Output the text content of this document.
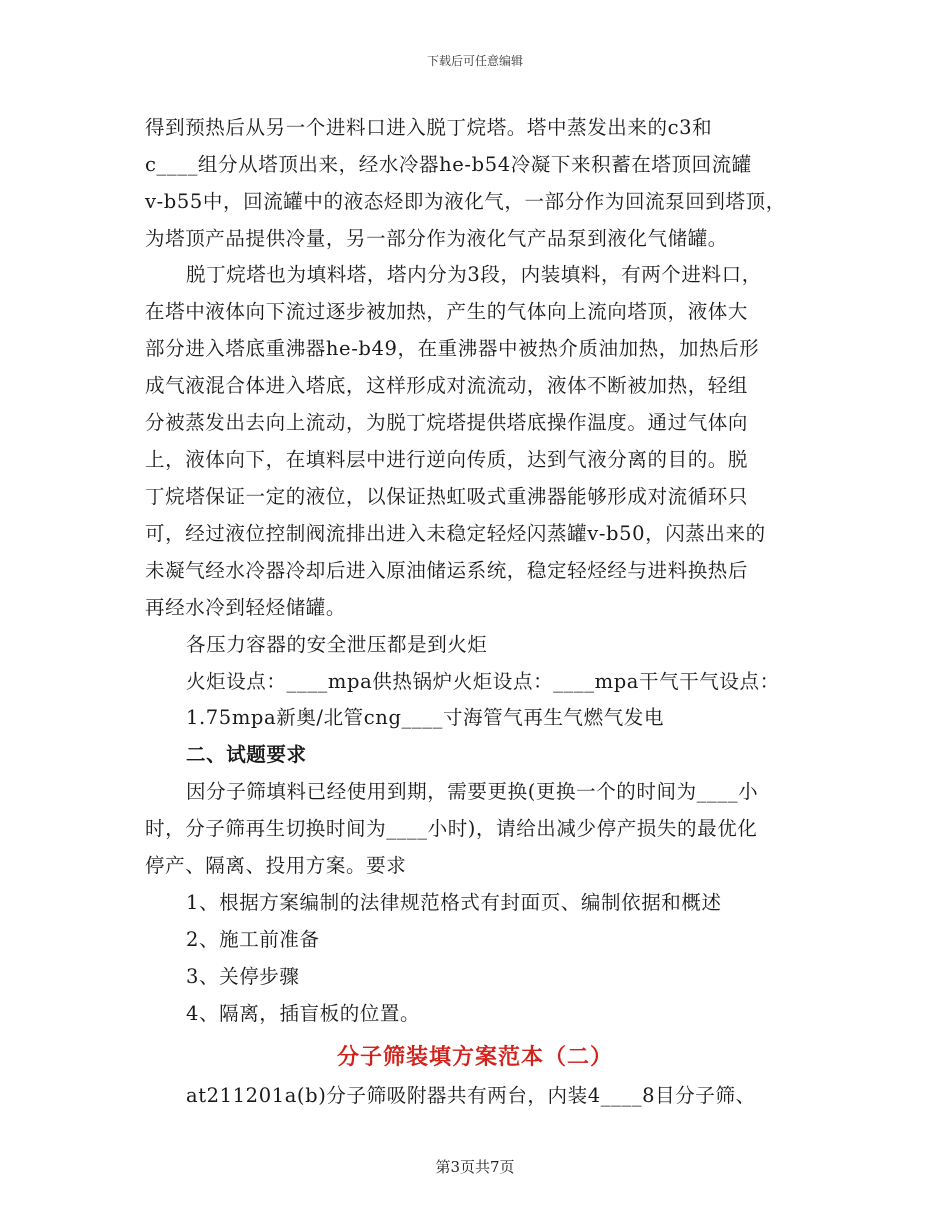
下载后可任意编辑
得到预热后从另一个进料口进入脱丁烷塔。塔中蒸发出来的c3和
c____组分从塔顶出来，经水冷器he-b54冷凝下来积蓄在塔顶回流罐
v-b55中，回流罐中的液态烃即为液化气，一部分作为回流泵回到塔顶，
为塔顶产品提供冷量，另一部分作为液化气产品泵到液化气储罐。
脱丁烷塔也为填料塔，塔内分为3段，内装填料，有两个进料口，
在塔中液体向下流过逐步被加热，产生的气体向上流向塔顶，液体大
部分进入塔底重沸器he-b49，在重沸器中被热介质油加热，加热后形
成气液混合体进入塔底，这样形成对流流动，液体不断被加热，轻组
分被蒸发出去向上流动，为脱丁烷塔提供塔底操作温度。通过气体向
上，液体向下，在填料层中进行逆向传质，达到气液分离的目的。脱
丁烷塔保证一定的液位，以保证热虹吸式重沸器能够形成对流循环只
可，经过液位控制阀流排出进入未稳定轻烃闪蒸罐v-b50，闪蒸出来的
未凝气经水冷器冷却后进入原油储运系统，稳定轻烃经与进料换热后
再经水冷到轻烃储罐。
各压力容器的安全泄压都是到火炬
火炬设点：____mpa供热锅炉火炬设点：____mpa干气干气设点：
1.75mpa新奥/北管cng____寸海管气再生气燃气发电
二、试题要求
因分子筛填料已经使用到期，需要更换(更换一个的时间为____小
时，分子筛再生切换时间为____小时)，请给出减少停产损失的最优化
停产、隔离、投用方案。要求
1、根据方案编制的法律规范格式有封面页、编制依据和概述
2、施工前准备
3、关停步骤
4、隔离，插盲板的位置。
分子筛装填方案范本（二）
at211201a(b)分子筛吸附器共有两台，内装4____8目分子筛、
第3页共7页
